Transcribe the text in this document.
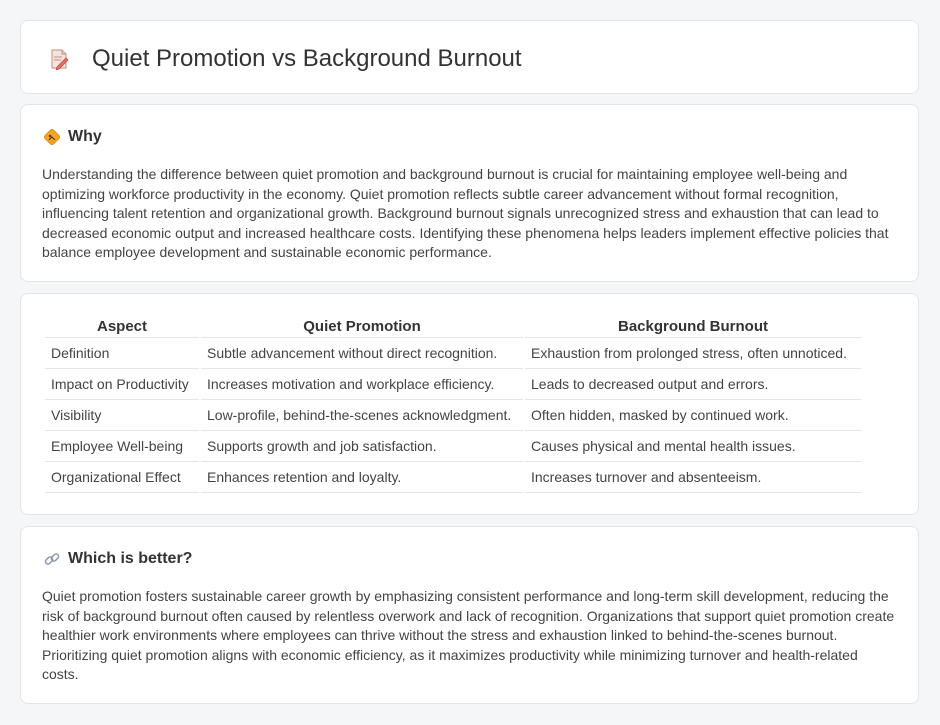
Quiet Promotion vs Background Burnout
Why

Understanding the difference between quiet promotion and background burnout is crucial for maintaining employee well-being and optimizing workforce productivity in the economy. Quiet promotion reflects subtle career advancement without formal recognition, influencing talent retention and organizational growth. Background burnout signals unrecognized stress and exhaustion that can lead to decreased economic output and increased healthcare costs. Identifying these phenomena helps leaders implement effective policies that balance employee development and sustainable economic performance.

Aspect	Quiet Promotion	Background Burnout
Definition	Subtle advancement without direct recognition.	Exhaustion from prolonged stress, often unnoticed.
Impact on Productivity	Increases motivation and workplace efficiency.	Leads to decreased output and errors.
Visibility	Low-profile, behind-the-scenes acknowledgment.	Often hidden, masked by continued work.
Employee Well-being	Supports growth and job satisfaction.	Causes physical and mental health issues.
Organizational Effect	Enhances retention and loyalty.	Increases turnover and absenteeism.
Which is better?

Quiet promotion fosters sustainable career growth by emphasizing consistent performance and long-term skill development, reducing the risk of background burnout often caused by relentless overwork and lack of recognition. Organizations that support quiet promotion create healthier work environments where employees can thrive without the stress and exhaustion linked to behind-the-scenes burnout. Prioritizing quiet promotion aligns with economic efficiency, as it maximizes productivity while minimizing turnover and health-related costs.
